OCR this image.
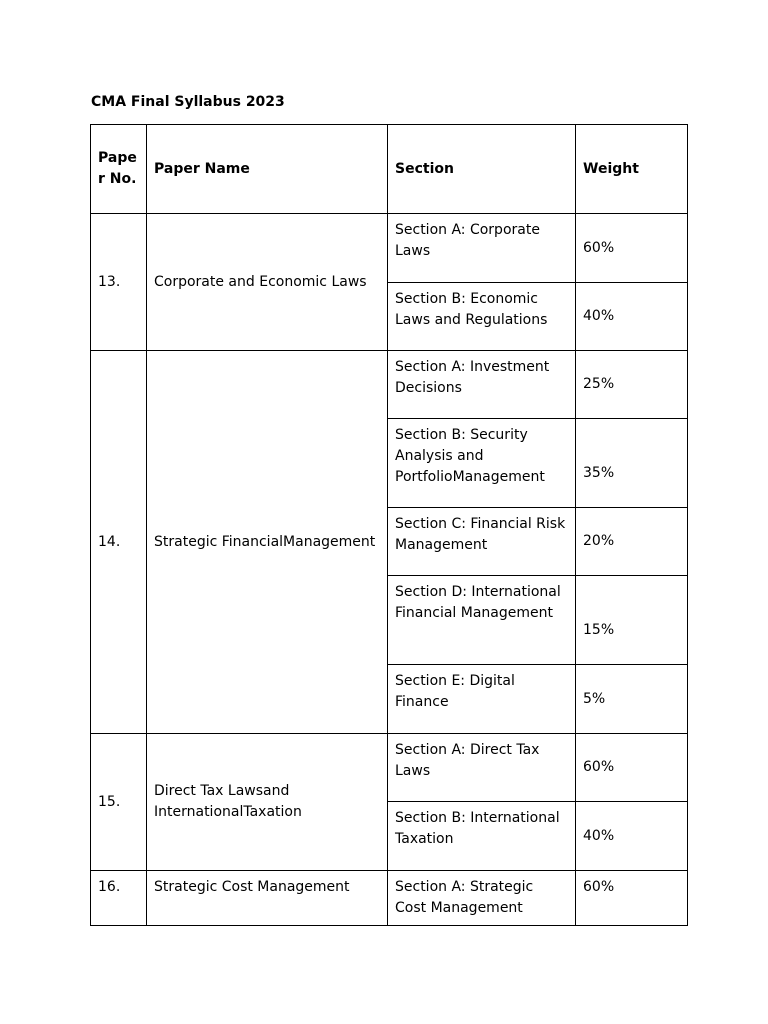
CMA Final Syllabus 2023
Paper No.	Paper Name	Section	Weight
13.	Corporate and Economic Laws	Section A: Corporate Laws	60%
		Section B: Economic Laws and Regulations	40%
14.	Strategic FinancialManagement	Section A: Investment Decisions	25%
		Section B: Security Analysis and PortfolioManagement	35%
		Section C: Financial Risk Management	20%
		Section D: International Financial Management	15%
		Section E: Digital Finance	5%
15.	Direct Tax Lawsand InternationalTaxation	Section A: Direct Tax Laws	60%
		Section B: International Taxation	40%
16.	Strategic Cost Management	Section A: Strategic Cost Management	60%
